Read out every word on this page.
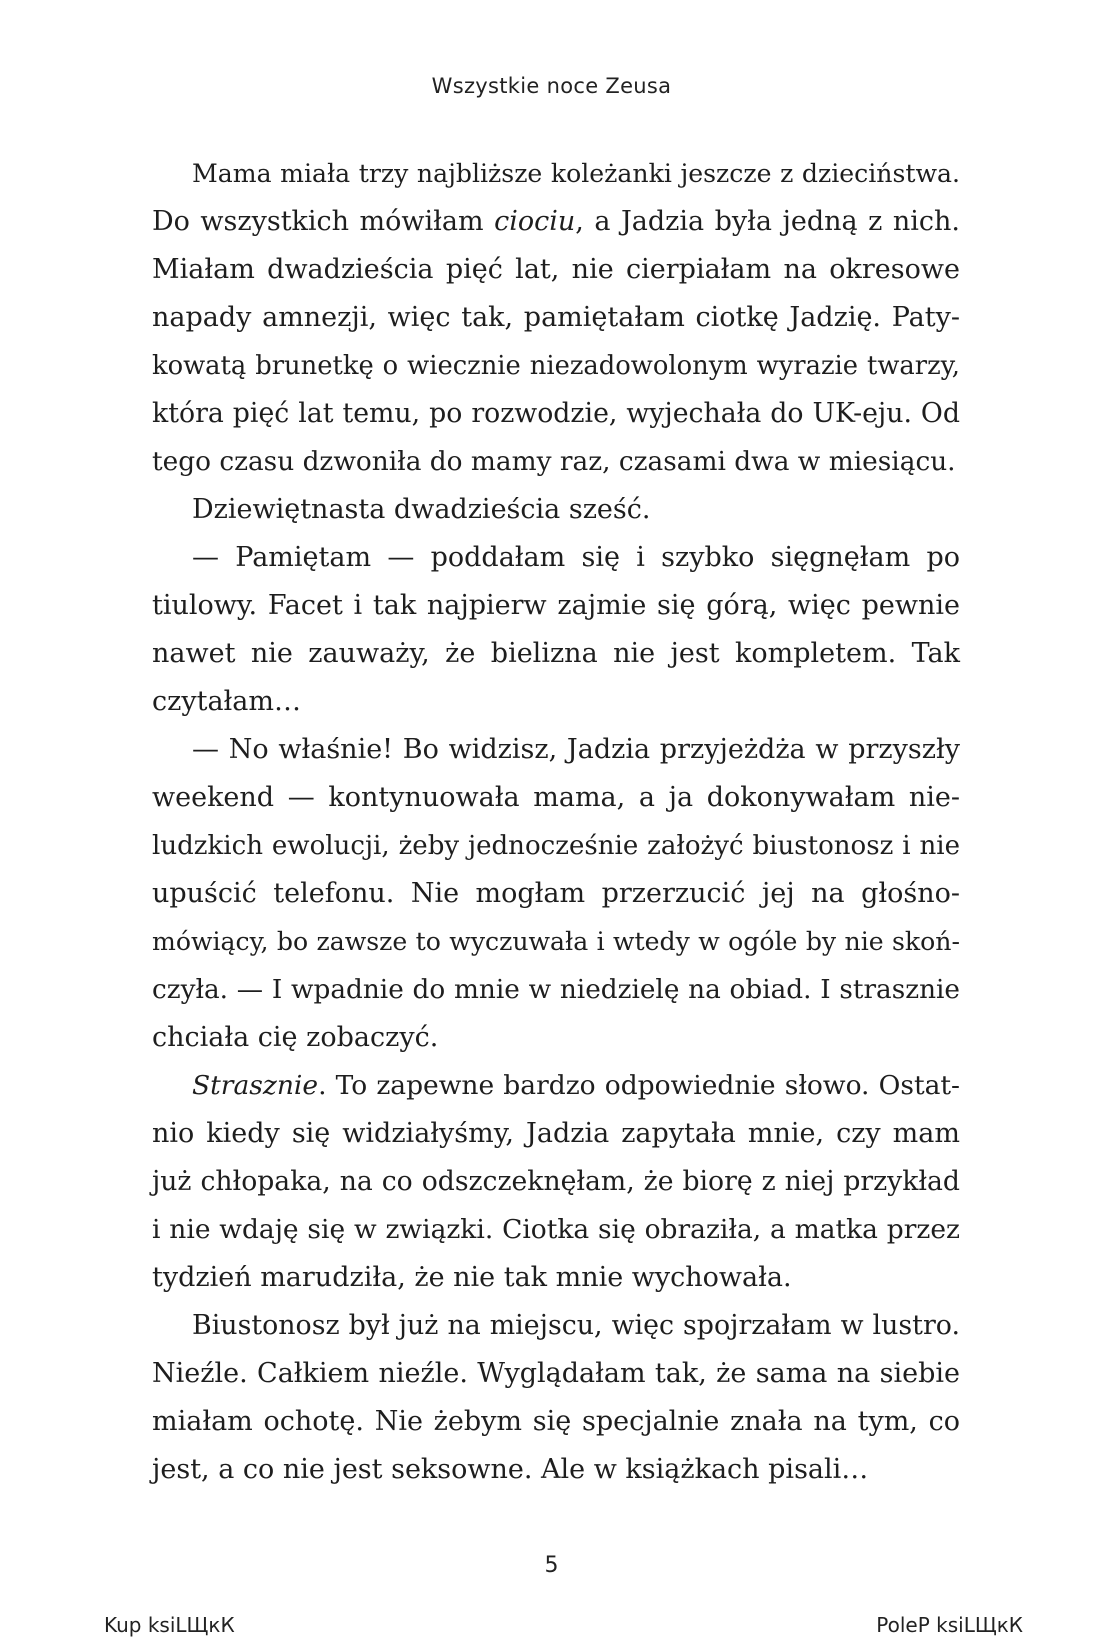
Wszystkie noce Zeusa
Mama miała trzy najbliższe koleżanki jeszcze z dzieciństwa.
Do wszystkich mówiłam ciociu, a Jadzia była jedną z nich.
Miałam dwadzieścia pięć lat, nie cierpiałam na okresowe
napady amnezji, więc tak, pamiętałam ciotkę Jadzię. Paty-
kowatą brunetkę o wiecznie niezadowolonym wyrazie twarzy,
która pięć lat temu, po rozwodzie, wyjechała do UK-eju. Od
tego czasu dzwoniła do mamy raz, czasami dwa w miesiącu.
Dziewiętnasta dwadzieścia sześć.
— Pamiętam — poddałam się i szybko sięgnęłam po
tiulowy. Facet i tak najpierw zajmie się górą, więc pewnie
nawet nie zauważy, że bielizna nie jest kompletem. Tak
czytałam…
— No właśnie! Bo widzisz, Jadzia przyjeżdża w przyszły
weekend — kontynuowała mama, a ja dokonywałam nie-
ludzkich ewolucji, żeby jednocześnie założyć biustonosz i nie
upuścić telefonu. Nie mogłam przerzucić jej na głośno-
mówiący, bo zawsze to wyczuwała i wtedy w ogóle by nie skoń-
czyła. — I wpadnie do mnie w niedzielę na obiad. I strasznie
chciała cię zobaczyć.
Strasznie. To zapewne bardzo odpowiednie słowo. Ostat-
nio kiedy się widziałyśmy, Jadzia zapytała mnie, czy mam
już chłopaka, na co odszczeknęłam, że biorę z niej przykład
i nie wdaję się w związki. Ciotka się obraziła, a matka przez
tydzień marudziła, że nie tak mnie wychowała.
Biustonosz był już na miejscu, więc spojrzałam w lustro.
Nieźle. Całkiem nieźle. Wyglądałam tak, że sama na siebie
miałam ochotę. Nie żebym się specjalnie znała na tym, co
jest, a co nie jest seksowne. Ale w książkach pisali…
5
Kup ksiLЩкК	PoleP ksiLЩкК
